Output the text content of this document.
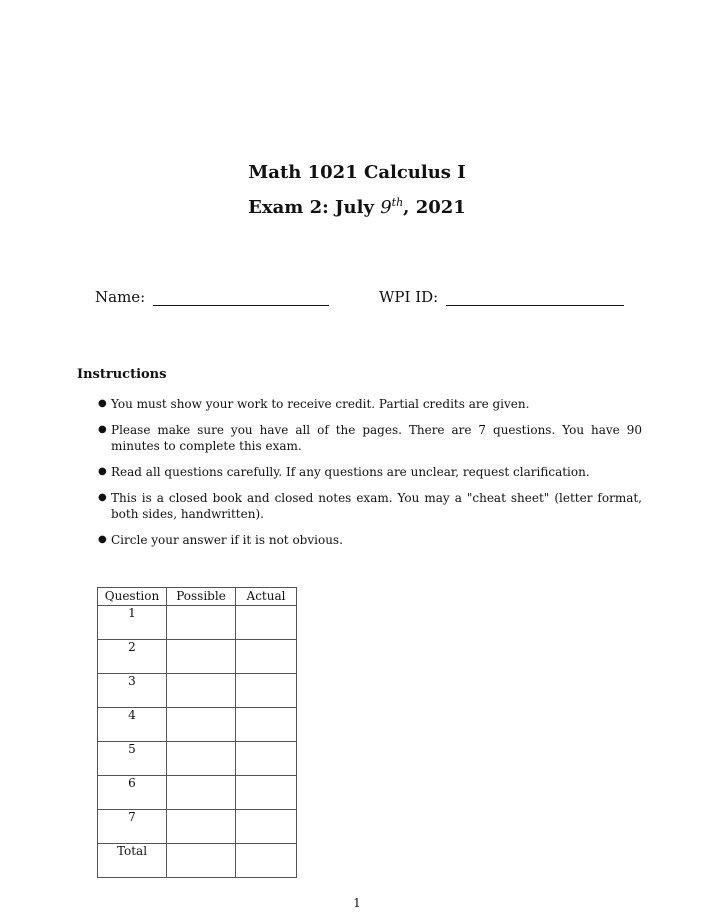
Math 1021 Calculus I
Exam 2: July 9th, 2021
Name:	WPI ID:
Instructions
● You must show your work to receive credit. Partial credits are given.
● Please make sure you have all of the pages. There are 7 questions. You have 90 minutes to complete this exam.
● Read all questions carefully. If any questions are unclear, request clarification.
● This is a closed book and closed notes exam. You may a "cheat sheet" (letter format, both sides, handwritten).
● Circle your answer if it is not obvious.
Question	Possible	Actual
1		
2		
3		
4		
5		
6		
7		
Total		
1
